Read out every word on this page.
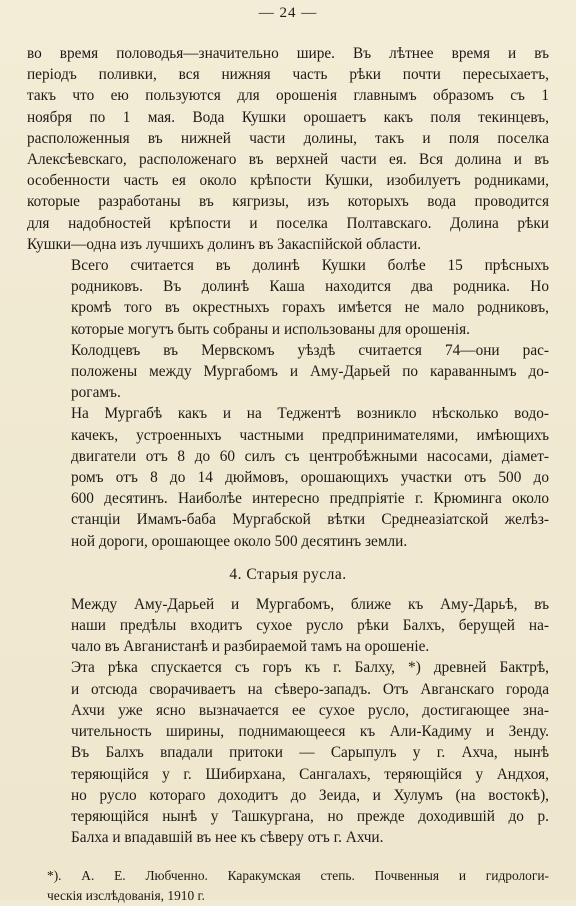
— 24 —

во время половодья—значительно шире. Въ лѣтнее время и въ
періодъ поливки, вся нижняя часть рѣки почти пересыхаетъ,
такъ что ею пользуются для орошенія главнымъ образомъ съ 1
ноября по 1 мая. Вода Кушки орошаетъ какъ поля текинцевъ,
расположенныя въ нижней части долины, такъ и поля поселка
Алексѣевскаго, расположенаго въ верхней части ея. Вся долина и въ
особенности часть ея около крѣпости Кушки, изобилуетъ родниками,
которые разработаны въ кягризы, изъ которыхъ вода проводится
для надобностей крѣпости и поселка Полтавскаго. Долина рѣки
Кушки—одна изъ лучшихъ долинъ въ Закаспійской области.

Всего считается въ долинѣ Кушки болѣе 15 прѣсныхъ
родниковъ. Въ долинѣ Каша находится два родника. Но
кромѣ того въ окрестныхъ горахъ имѣется не мало родниковъ,
которые могутъ быть собраны и использованы для орошенія.

Колодцевъ въ Мервскомъ уѣздѣ считается 74—они рас-
положены между Мургабомъ и Аму-Дарьей по караваннымъ до-
рогамъ.

На Мургабѣ какъ и на Теджентѣ возникло нѣсколько водо-
качекъ, устроенныхъ частными предпринимателями, имѣющихъ
двигатели отъ 8 до 60 силъ съ центробѣжными насосами, діамет-
ромъ отъ 8 до 14 дюймовъ, орошающихъ участки отъ 500 до
600 десятинъ. Наиболѣе интересно предпріятіе г. Крюминга около
станціи Имамъ-баба Мургабской вѣтки Среднеазіатской желѣз-
ной дороги, орошающее около 500 десятинъ земли.

4. Старыя русла.

Между Аму-Дарьей и Мургабомъ, ближе къ Аму-Дарьѣ, въ
наши предѣлы входитъ сухое русло рѣки Балхъ, берущей на-
чало въ Авганистанѣ и разбираемой тамъ на орошеніе.

Эта рѣка спускается съ горъ къ г. Балху, *) древней Бактрѣ,
и отсюда сворачиваетъ на сѣверо-западъ. Отъ Авганскаго города
Ахчи уже ясно вызначается ее сухое русло, достигающее зна-
чительность ширины, поднимающееся къ Али-Кадиму и Зенду.
Въ Балхъ впадали притоки — Сарыпулъ у г. Ахча, нынѣ
теряющійся у г. Шибирхана, Сангалахъ, теряющійся у Андхоя,
но русло котораго доходитъ до Зеида, и Хулумъ (на востокѣ),
теряющійся нынѣ у Ташкургана, но прежде доходившій до р.
Балха и впадавшій въ нее къ сѣверу отъ г. Ахчи.

*). А. Е. Любченно. Каракумская степь. Почвенныя и гидрологи-
ческія изслѣдованія, 1910 г.
